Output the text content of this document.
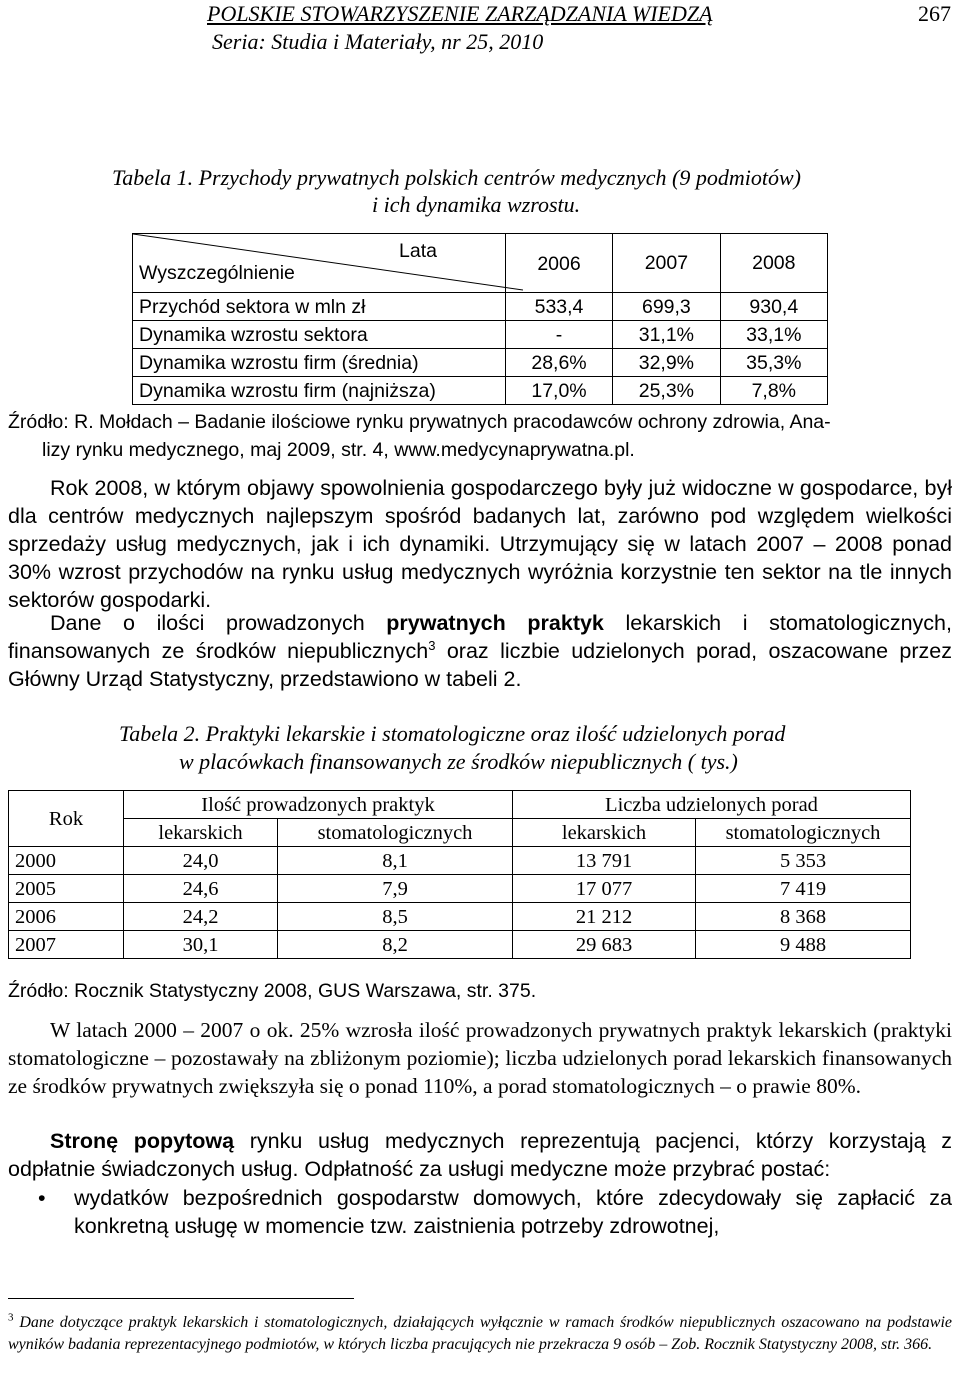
POLSKIE STOWARZYSZENIE ZARZĄDZANIA WIEDZĄ
Seria: Studia i Materiały, nr 25, 2010
267
Tabela 1. Przychody prywatnych polskich centrów medycznych (9 podmiotów)
i ich dynamika wzrostu.
Lata
Wyszczególnienie	2006	2007	2008
Przychód sektora w mln zł	533,4	699,3	930,4
Dynamika wzrostu sektora	-	31,1%	33,1%
Dynamika wzrostu firm (średnia)	28,6%	32,9%	35,3%
Dynamika wzrostu firm (najniższa)	17,0%	25,3%	7,8%
Źródło: R. Mołdach – Badanie ilościowe rynku prywatnych pracodawców ochrony zdrowia, Ana-
lizy rynku medycznego, maj 2009, str. 4, www.medycynaprywatna.pl.
Rok 2008, w którym objawy spowolnienia gospodarczego były już widoczne w gospodarce, był dla centrów medycznych najlepszym spośród badanych lat, zarówno pod względem wielkości sprzedaży usług medycznych, jak i ich dynamiki. Utrzymujący się w latach 2007 – 2008 ponad 30% wzrost przychodów na rynku usług medycznych wyróżnia korzystnie ten sektor na tle innych sektorów gospodarki.
Dane o ilości prowadzonych prywatnych praktyk lekarskich i stomatologicznych, finansowanych ze środków niepublicznych$^3$ oraz liczbie udzielonych porad, oszacowane przez Główny Urząd Statystyczny, przedstawiono w tabeli 2.
Tabela 2. Praktyki lekarskie i stomatologiczne oraz ilość udzielonych porad
w placówkach finansowanych ze środków niepublicznych ( tys.)
Rok	Ilość prowadzonych praktyk		Liczba udzielonych porad	
	lekarskich	stomatologicznych	lekarskich	stomatologicznych
2000	24,0	8,1	13 791	5 353
2005	24,6	7,9	17 077	7 419
2006	24,2	8,5	21 212	8 368
2007	30,1	8,2	29 683	9 488
Źródło: Rocznik Statystyczny 2008, GUS Warszawa, str. 375.
W latach 2000 – 2007 o ok. 25% wzrosła ilość prowadzonych prywatnych praktyk lekarskich (praktyki stomatologiczne – pozostawały na zbliżonym poziomie); liczba udzielonych porad lekarskich finansowanych ze środków prywatnych zwiększyła się o ponad 110%, a porad stomatologicznych – o prawie 80%.
Stronę popytową rynku usług medycznych reprezentują pacjenci, którzy korzystają z odpłatnie świadczonych usług. Odpłatność za usługi medyczne może przybrać postać:
•	wydatków bezpośrednich gospodarstw domowych, które zdecydowały się zapłacić za konkretną usługę w momencie tzw. zaistnienia potrzeby zdrowotnej,
$^3$ Dane dotyczące praktyk lekarskich i stomatologicznych, działających wyłącznie w ramach środków niepublicznych oszacowano na podstawie wyników badania reprezentacyjnego podmiotów, w których liczba pracujących nie przekracza 9 osób – Zob. Rocznik Statystyczny 2008, str. 366.
